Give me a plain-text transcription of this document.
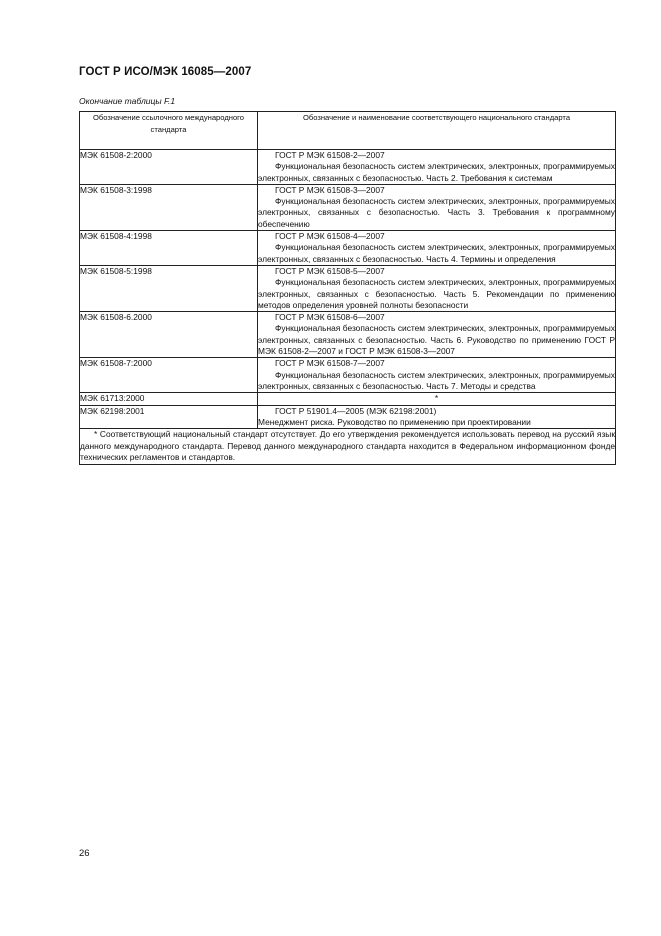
ГОСТ Р ИСО/МЭК 16085—2007
Окончание таблицы F.1
Обозначение ссылочного международного стандарта	Обозначение и наименование соответствующего национального стандарта
МЭК 61508-2:2000	ГОСТ Р МЭК 61508-2—2007
Функциональная безопасность систем электрических, электронных, программируемых электронных, связанных с безопасностью. Часть 2. Требования к системам

МЭК 61508-3:1998	ГОСТ Р МЭК 61508-3—2007
Функциональная безопасность систем электрических, электронных, программируемых электронных, связанных с безопасностью. Часть 3. Требования к программному обеспечению

МЭК 61508-4:1998	ГОСТ Р МЭК 61508-4—2007
Функциональная безопасность систем электрических, электронных, программируемых электронных, связанных с безопасностью. Часть 4. Термины и определения

МЭК 61508-5:1998	ГОСТ Р МЭК 61508-5—2007
Функциональная безопасность систем электрических, электронных, программируемых электронных, связанных с безопасностью. Часть 5. Рекомендации по применению методов определения уровней полноты безопасности

МЭК 61508-6.2000	ГОСТ Р МЭК 61508-6—2007
Функциональная безопасность систем электрических, электронных, программируемых электронных, связанных с безопасностью. Часть 6. Руководство по применению ГОСТ Р МЭК 61508-2—2007 и ГОСТ Р МЭК 61508-3—2007

МЭК 61508-7:2000	ГОСТ Р МЭК 61508-7—2007
Функциональная безопасность систем электрических, электронных, программируемых электронных, связанных с безопасностью. Часть 7. Методы и средства

МЭК 61713:2000	*
МЭК 62198:2001	ГОСТ Р 51901.4—2005 (МЭК 62198:2001)
Менеджмент риска. Руководство по применению при проектировании

* Соответствующий национальный стандарт отсутствует. До его утверждения рекомендуется использовать перевод на русский язык данного международного стандарта. Перевод данного международного стандарта находится в Федеральном информационном фонде технических регламентов и стандартов.	
26
